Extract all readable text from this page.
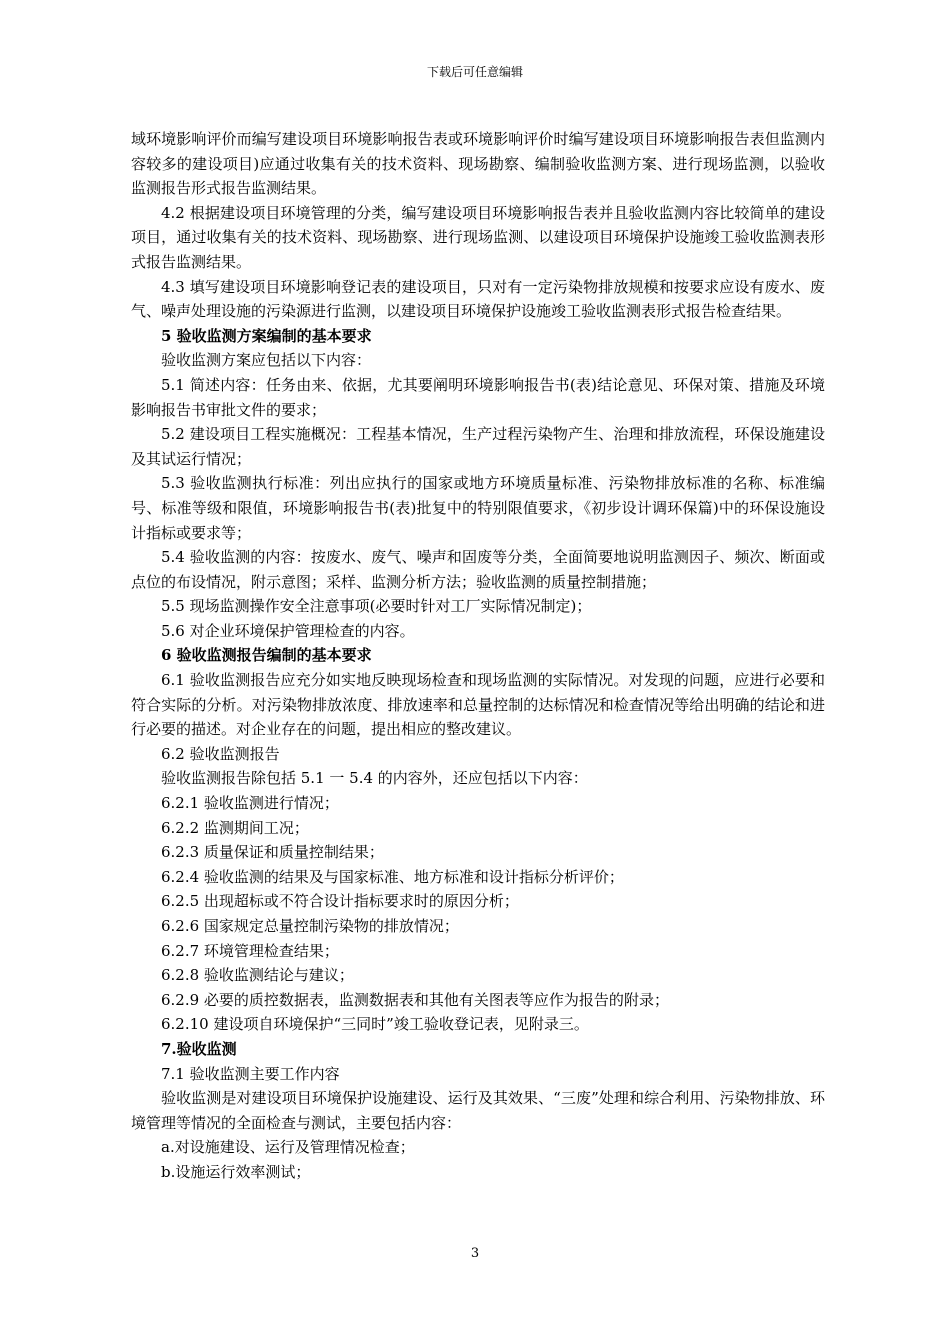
下载后可任意编辑

域环境影响评价而编写建设项目环境影响报告表或环境影响评价时编写建设项目环境影响报告表但监测内容较多的建设项目)应通过收集有关的技术资料、现场勘察、编制验收监测方案、进行现场监测，以验收监测报告形式报告监测结果。

4.2 根据建设项目环境管理的分类，编写建设项目环境影响报告表并且验收监测内容比较简单的建设项目，通过收集有关的技术资料、现场勘察、进行现场监测、以建设项目环境保护设施竣工验收监测表形式报告监测结果。

4.3 填写建设项目环境影响登记表的建设项目，只对有一定污染物排放规模和按要求应设有废水、废气、噪声处理设施的污染源进行监测，以建设项目环境保护设施竣工验收监测表形式报告检查结果。

5 验收监测方案编制的基本要求

验收监测方案应包括以下内容：

5.1 简述内容：任务由来、依据，尤其要阐明环境影响报告书(表)结论意见、环保对策、措施及环境影响报告书审批文件的要求；

5.2 建设项目工程实施概况：工程基本情况，生产过程污染物产生、治理和排放流程，环保设施建设及其试运行情况；

5.3 验收监测执行标准：列出应执行的国家或地方环境质量标准、污染物排放标准的名称、标准编号、标准等级和限值，环境影响报告书(表)批复中的特别限值要求，《初步设计调环保篇)中的环保设施设计指标或要求等；

5.4 验收监测的内容：按废水、废气、噪声和固废等分类，全面简要地说明监测因子、频次、断面或点位的布设情况，附示意图；采样、监测分析方法；验收监测的质量控制措施；

5.5 现场监测操作安全注意事项(必要时针对工厂实际情况制定)；

5.6 对企业环境保护管理检查的内容。

6 验收监测报告编制的基本要求

6.1 验收监测报告应充分如实地反映现场检查和现场监测的实际情况。对发现的问题，应进行必要和符合实际的分析。对污染物排放浓度、排放速率和总量控制的达标情况和检查情况等给出明确的结论和进行必要的描述。对企业存在的问题，提出相应的整改建议。

6.2 验收监测报告

验收监测报告除包括 5.1 一 5.4 的内容外，还应包括以下内容：

6.2.1 验收监测进行情况；

6.2.2 监测期间工况；

6.2.3 质量保证和质量控制结果；

6.2.4 验收监测的结果及与国家标准、地方标准和设计指标分析评价；

6.2.5 出现超标或不符合设计指标要求时的原因分析；

6.2.6 国家规定总量控制污染物的排放情况；

6.2.7 环境管理检查结果；

6.2.8 验收监测结论与建议；

6.2.9 必要的质控数据表，监测数据表和其他有关图表等应作为报告的附录；

6.2.10 建设项自环境保护“三同时”竣工验收登记表，见附录三。

7.验收监测

7.1 验收监测主要工作内容

验收监测是对建设项目环境保护设施建设、运行及其效果、“三废”处理和综合利用、污染物排放、环境管理等情况的全面检查与测试，主要包括内容：

a.对设施建设、运行及管理情况检查；

b.设施运行效率测试；

3
